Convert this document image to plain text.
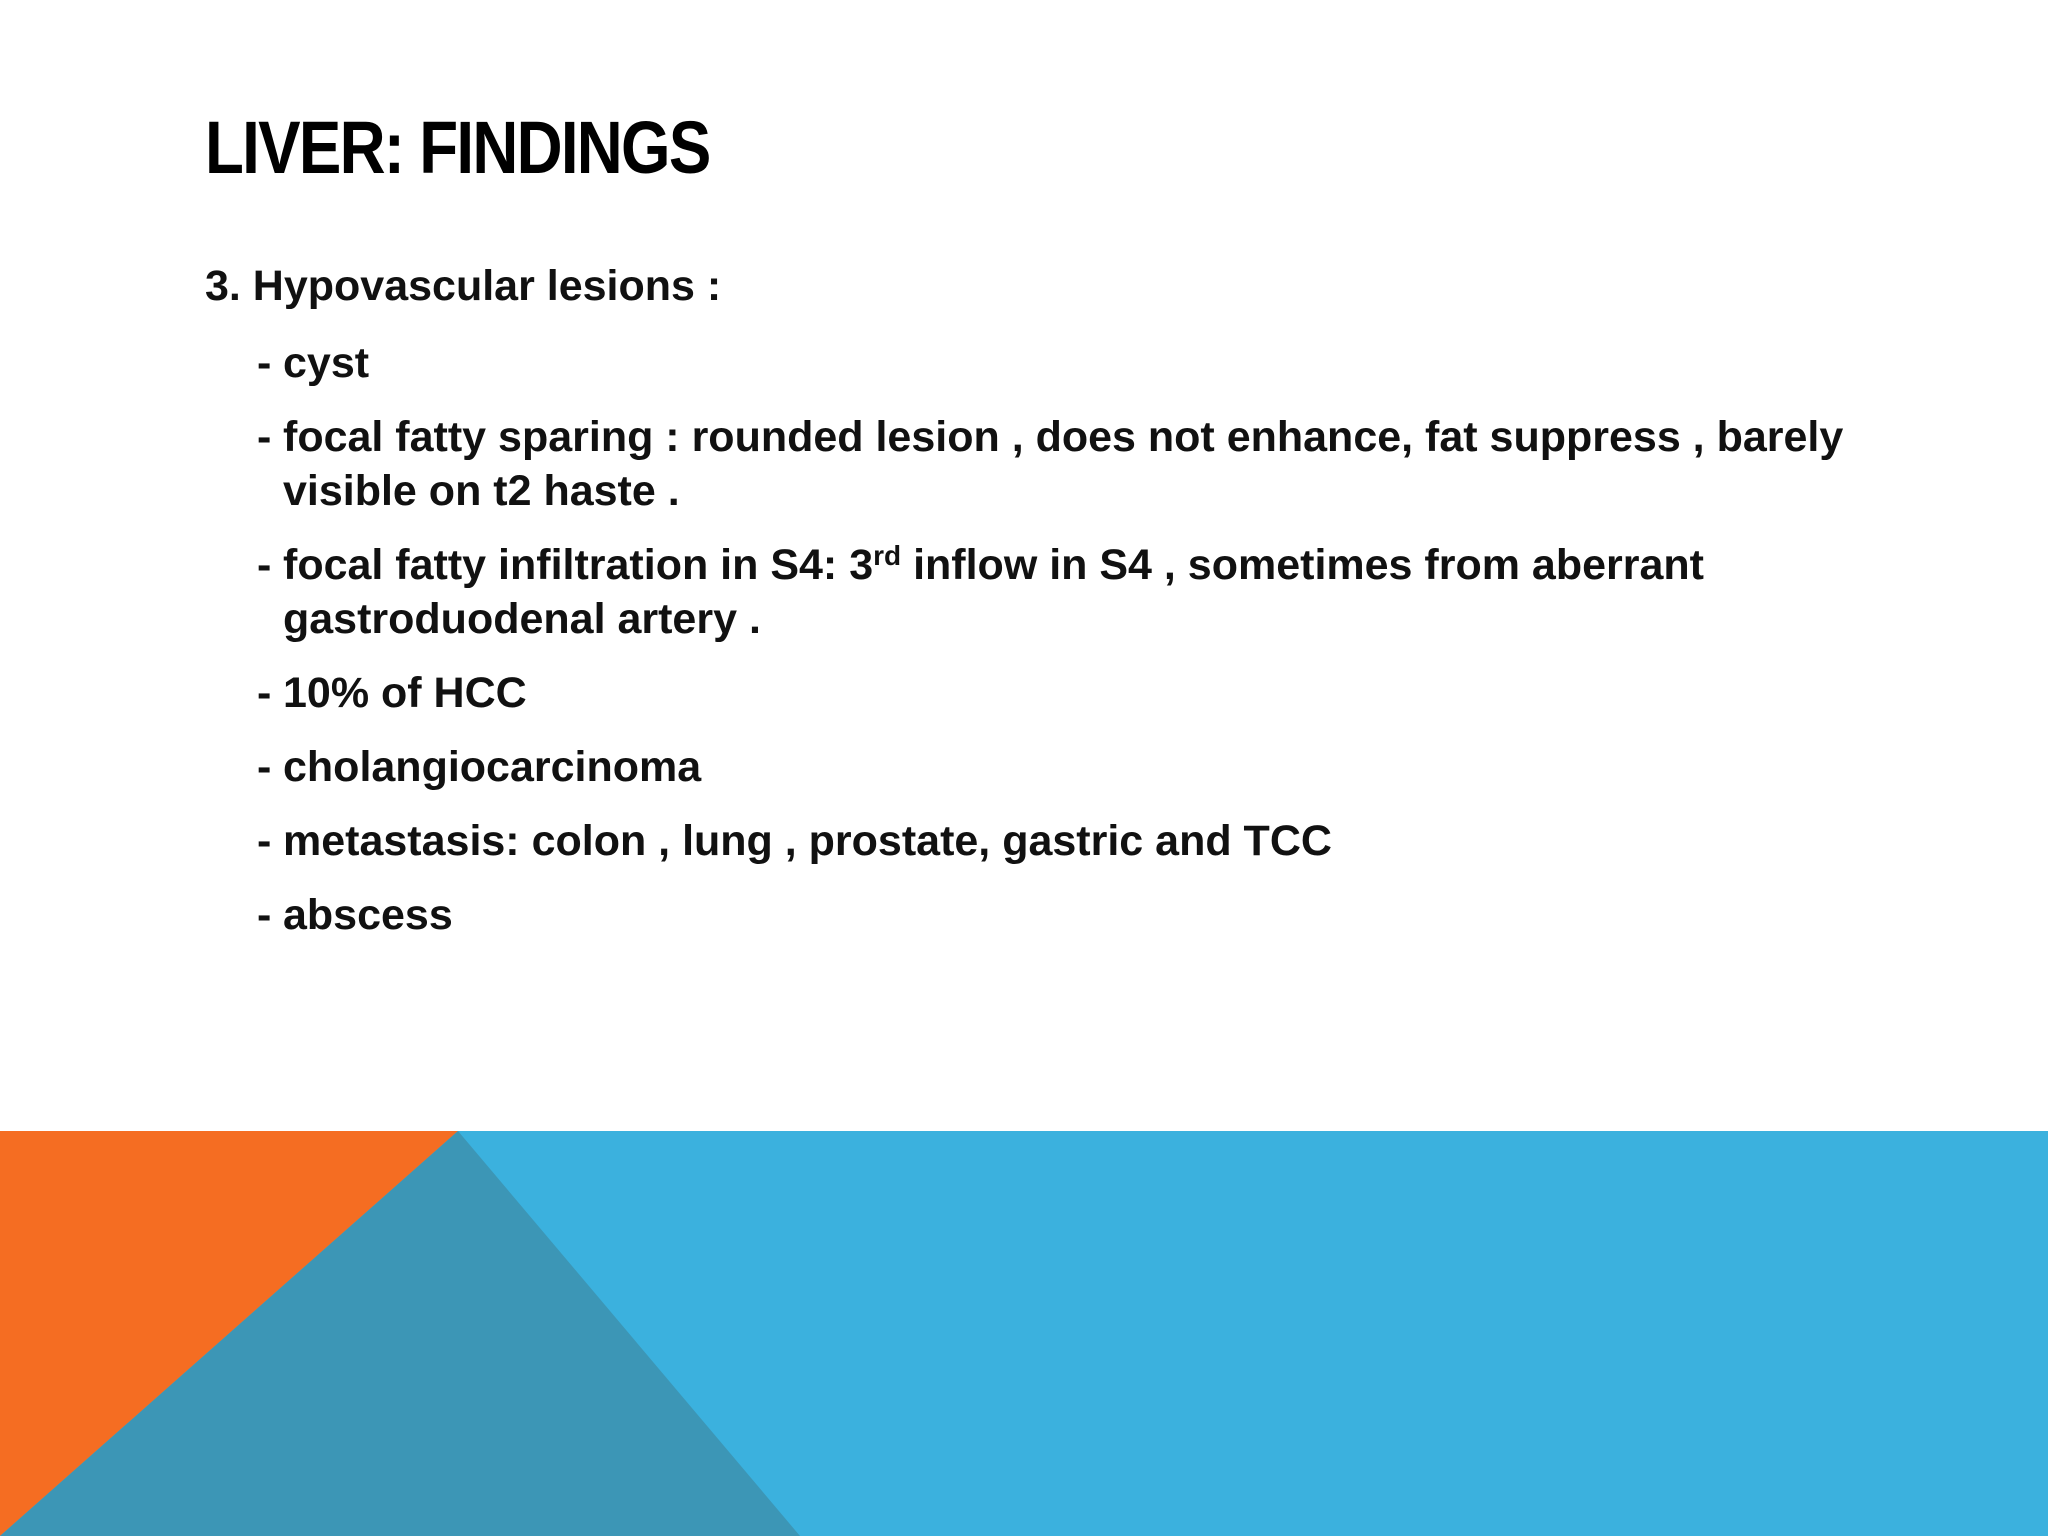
LIVER: FINDINGS

3. Hypovascular lesions :

- cyst
- focal fatty sparing : rounded lesion , does not enhance, fat suppress , barely visible on t2 haste .
- focal fatty infiltration in S4: 3rd inflow in S4 , sometimes from aberrant gastroduodenal artery .
- 10% of HCC
- cholangiocarcinoma
- metastasis: colon , lung , prostate, gastric and TCC
- abscess
